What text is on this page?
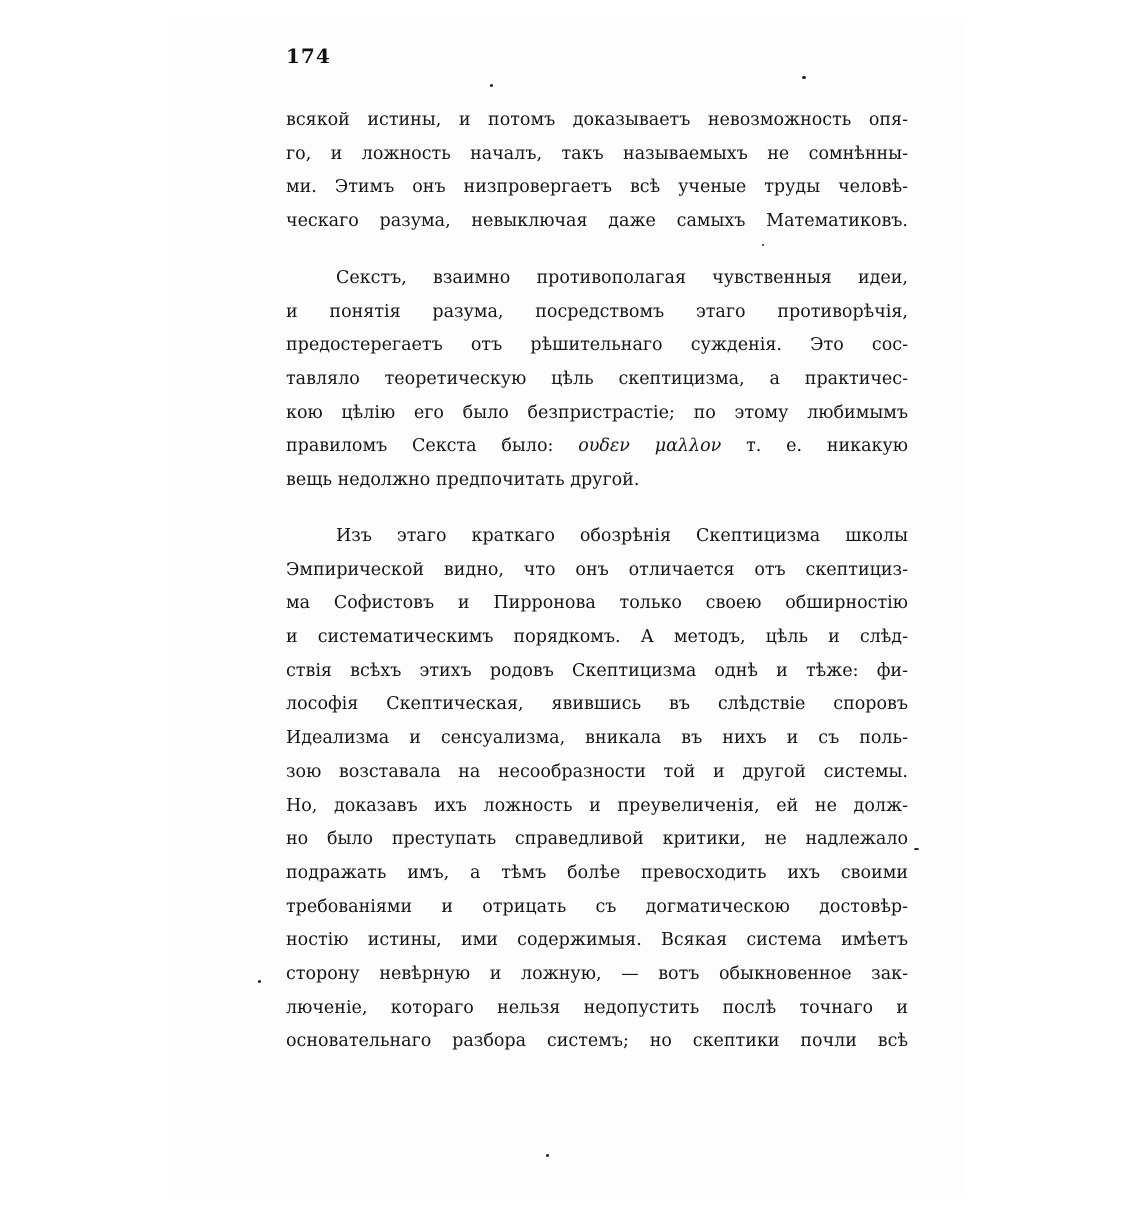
174
всякой истины, и потомъ доказываетъ невозможность опя-
го, и ложность началъ, такъ называемыхъ не сомнѣнны-
ми. Этимъ онъ низпровергаетъ всѣ ученые труды человѣ-
ческаго разума, невыключая даже самыхъ Математиковъ.
Секстъ, взаимно противополагая чувственныя идеи,
и понятія разума, посредствомъ этаго противорѣчія,
предостерегаетъ отъ рѣшительнаго сужденія. Это сос-
тавляло теоретическую цѣль скептицизма, а практичес-
кою цѣлію его было безпристрастіе; по этому любимымъ
правиломъ Секста было: ουδεν μαλλον т. е. никакую
вещь недолжно предпочитать другой.
Изъ этаго краткаго обозрѣнія Скептицизма школы
Эмпирической видно, что онъ отличается отъ скептициз-
ма Софистовъ и Пирронова только своею обширностію
и систематическимъ порядкомъ. А методъ, цѣль и слѣд-
ствія всѣхъ этихъ родовъ Скептицизма однѣ и тѣже: фи-
лософія Скептическая, явившись въ слѣдствіе споровъ
Идеализма и сенсуализма, вникала въ нихъ и съ поль-
зою возставала на несообразности той и другой системы.
Но, доказавъ ихъ ложность и преувеличенія, ей не долж-
но было преступать справедливой критики, не надлежало
подражать имъ, а тѣмъ болѣе превосходить ихъ своими
требованіями и отрицать съ догматическою достовѣр-
ностію истины, ими содержимыя. Всякая система имѣетъ
сторону невѣрную и ложную, — вотъ обыкновенное зак-
люченіе, котораго нельзя недопустить послѣ точнаго и
основательнаго разбора системъ; но скептики почли всѣ
